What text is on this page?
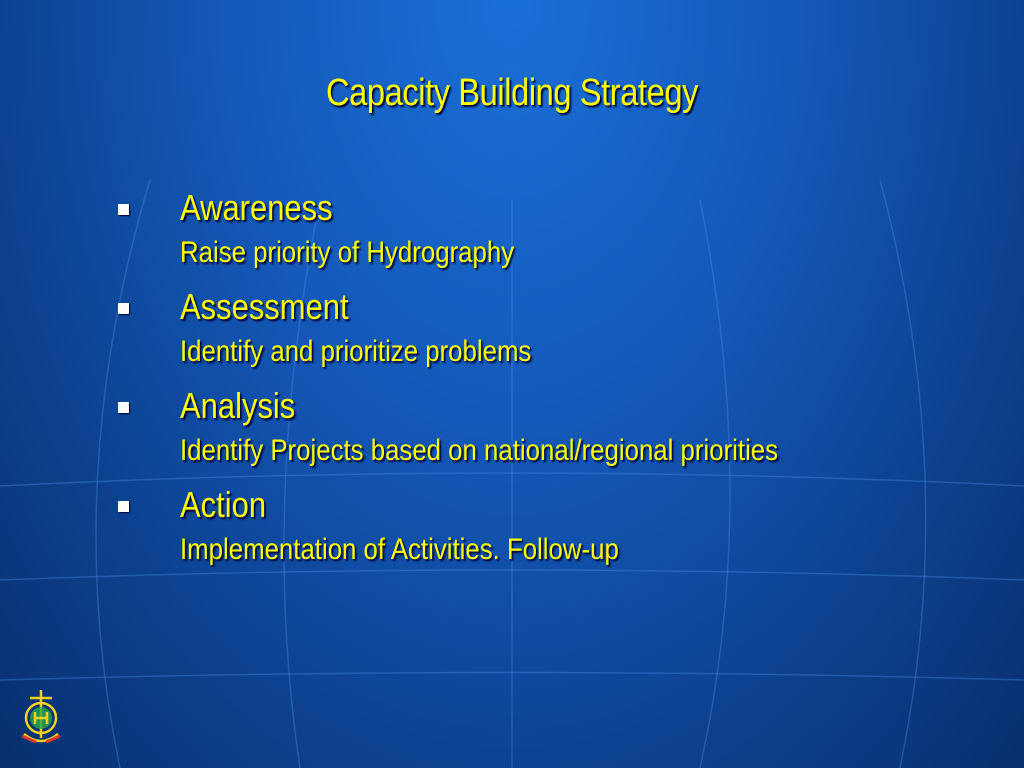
Capacity Building Strategy
Awareness
Raise priority of Hydrography
Assessment
Identify and prioritize problems
Analysis
Identify Projects based on national/regional priorities
Action
Implementation of Activities. Follow-up
